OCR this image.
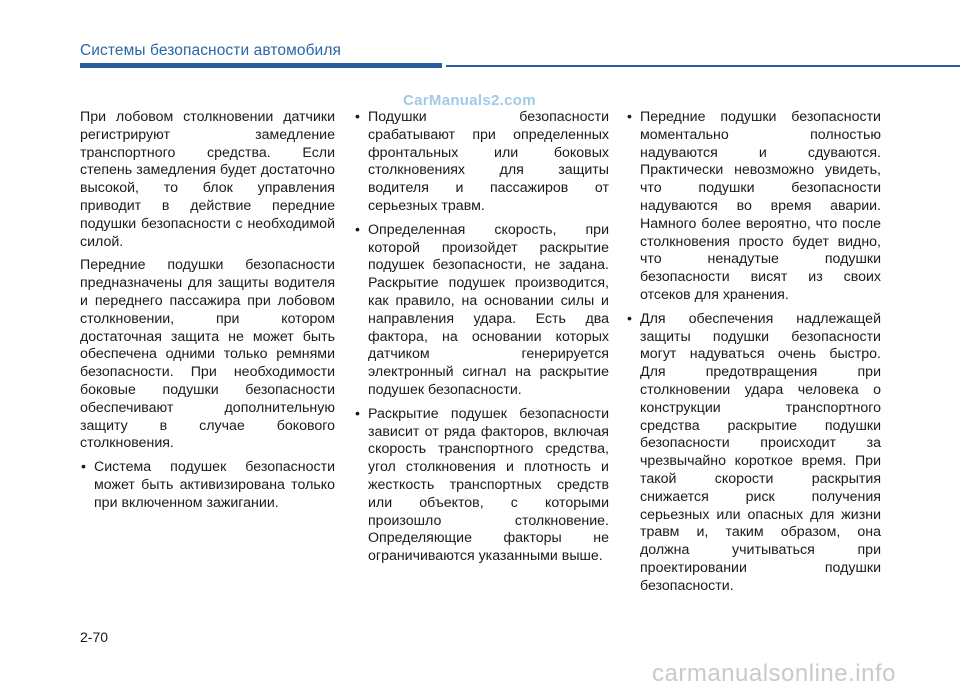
Системы безопасности автомобиля
CarManuals2.com

При лобовом столкновении датчики регистрируют замедление транспортного средства. Если степень замедления будет достаточно высокой, то блок управления приводит в действие передние подушки безопасности с необходимой силой.

Передние подушки безопасности предназначены для защиты водителя и переднего пассажира при лобовом столкновении, при котором достаточная защита не может быть обеспечена одними только ремнями безопасности. При необходимости боковые подушки безопасности обеспечивают дополнительную защиту в случае бокового столкновения.

• Система подушек безопасности может быть активизирована только при включенном зажигании.
• Подушки безопасности срабатывают при определенных фронтальных или боковых столкновениях для защиты водителя и пассажиров от серьезных травм.
• Определенная скорость, при которой произойдет раскрытие подушек безопасности, не задана. Раскрытие подушек производится, как правило, на основании силы и направления удара. Есть два фактора, на основании которых датчиком генерируется электронный сигнал на раскрытие подушек безопасности.
• Раскрытие подушек безопасности зависит от ряда факторов, включая скорость транспортного средства, угол столкновения и плотность и жесткость транспортных средств или объектов, с которыми произошло столкновение. Определяющие факторы не ограничиваются указанными выше.
• Передние подушки безопасности моментально полностью надуваются и сдуваются. Практически невозможно увидеть, что подушки безопасности надуваются во время аварии. Намного более вероятно, что после столкновения просто будет видно, что ненадутые подушки безопасности висят из своих отсеков для хранения.
• Для обеспечения надлежащей защиты подушки безопасности могут надуваться очень быстро. Для предотвращения при столкновении удара человека о конструкции транспортного средства раскрытие подушки безопасности происходит за чрезвычайно короткое время. При такой скорости раскрытия снижается риск получения серьезных или опасных для жизни травм и, таким образом, она должна учитываться при проектировании подушки безопасности.
2-70
carmanualsonline.info
